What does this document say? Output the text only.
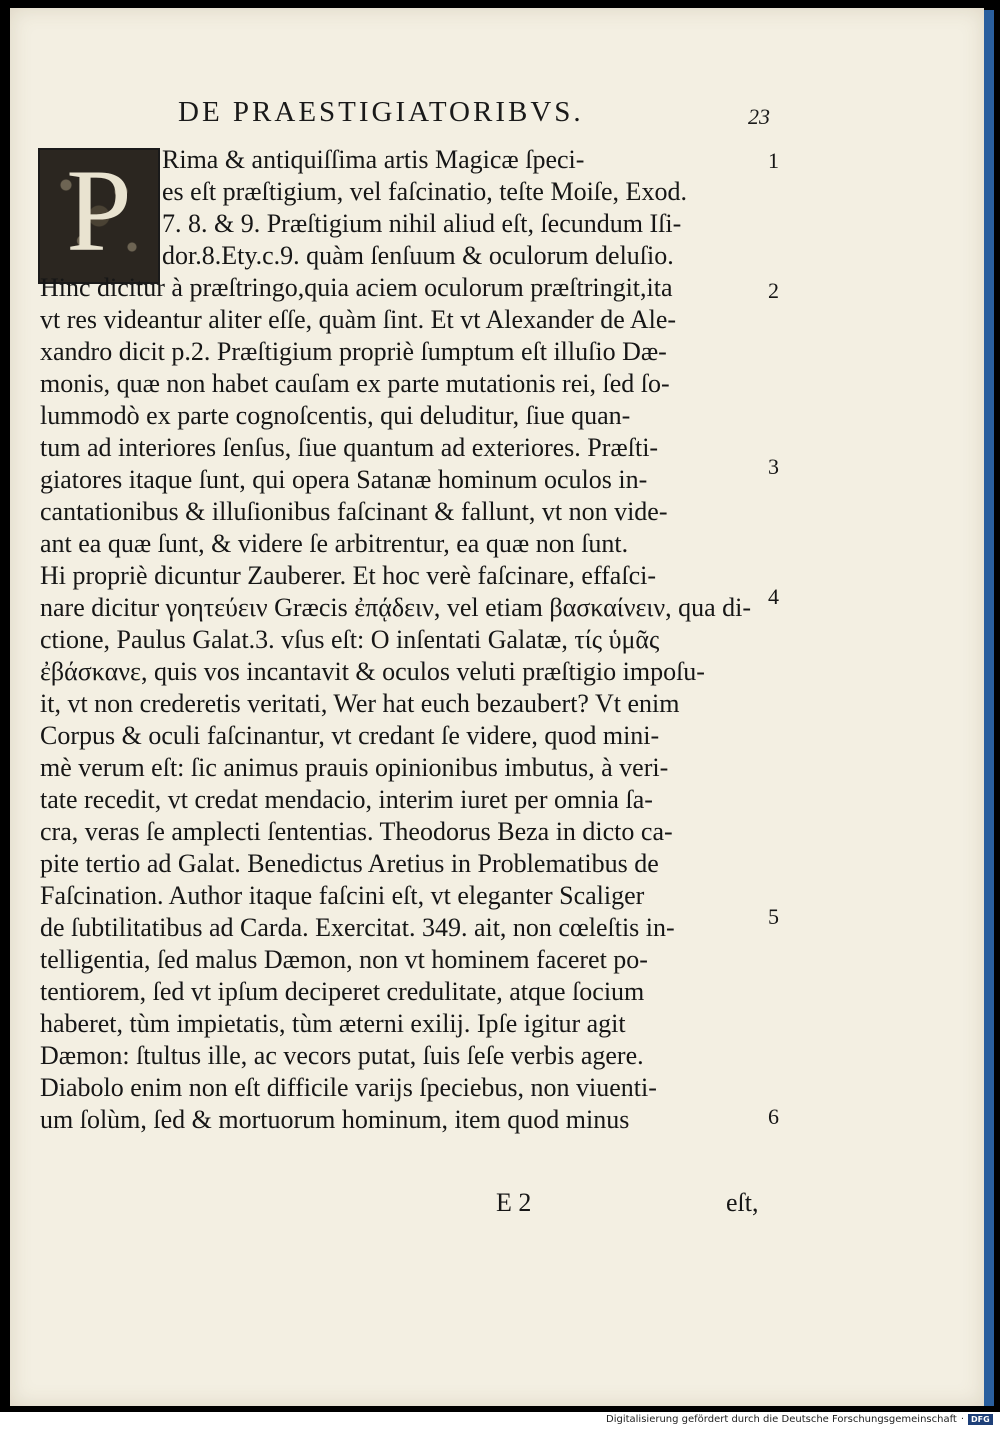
DE PRAESTIGIATORIBVS.	23
P	Rima & antiquiſſima artis Magicæ ſpeci-
es eſt præſtigium, vel faſcinatio, teſte Moiſe, Exod.
7. 8. & 9. Præſtigium nihil aliud eſt, ſecundum Iſi-
dor.8.Ety.c.9. quàm ſenſuum & oculorum deluſio.
Hinc dicitur à præſtringo,quia aciem oculorum præſtringit,ita
vt res videantur aliter eſſe, quàm ſint. Et vt Alexander de Ale-
xandro dicit p.2. Præſtigium propriè ſumptum eſt illuſio Dæ-
monis, quæ non habet cauſam ex parte mutationis rei, ſed ſo-
lummodò ex parte cognoſcentis, qui deluditur, ſiue quan-
tum ad interiores ſenſus, ſiue quantum ad exteriores. Præſti-
giatores itaque ſunt, qui opera Satanæ hominum oculos in-
cantationibus & illuſionibus faſcinant & fallunt, vt non vide-
ant ea quæ ſunt, & videre ſe arbitrentur, ea quæ non ſunt.
Hi propriè dicuntur Zauberer. Et hoc verè faſcinare, effaſci-
nare dicitur γοητεύειν Græcis ἐπᾴδειν, vel etiam βασκαίνειν, qua di-
ctione, Paulus Galat.3. vſus eſt: O inſentati Galatæ, τίς ὑμᾶς
ἐβάσκανε, quis vos incantavit & oculos veluti præſtigio impoſu-
it, vt non crederetis veritati, Wer hat euch bezaubert? Vt enim
Corpus & oculi faſcinantur, vt credant ſe videre, quod mini-
mè verum eſt: ſic animus prauis opinionibus imbutus, à veri-
tate recedit, vt credat mendacio, interim iuret per omnia ſa-
cra, veras ſe amplecti ſententias. Theodorus Beza in dicto ca-
pite tertio ad Galat. Benedictus Aretius in Problematibus de
Faſcination. Author itaque faſcini eſt, vt eleganter Scaliger
de ſubtilitatibus ad Carda. Exercitat. 349. ait, non cœleſtis in-
telligentia, ſed malus Dæmon, non vt hominem faceret po-
tentiorem, ſed vt ipſum deciperet credulitate, atque ſocium
haberet, tùm impietatis, tùm æterni exilij. Ipſe igitur agit
Dæmon: ſtultus ille, ac vecors putat, ſuis ſeſe verbis agere.
Diabolo enim non eſt difficile varijs ſpeciebus, non viuenti-
um ſolùm, ſed & mortuorum hominum, item quod minus
1
2
3
4
5
6
E 2	eſt,
Digitalisierung gefördert durch die Deutsche Forschungsgemeinschaft · DFG
